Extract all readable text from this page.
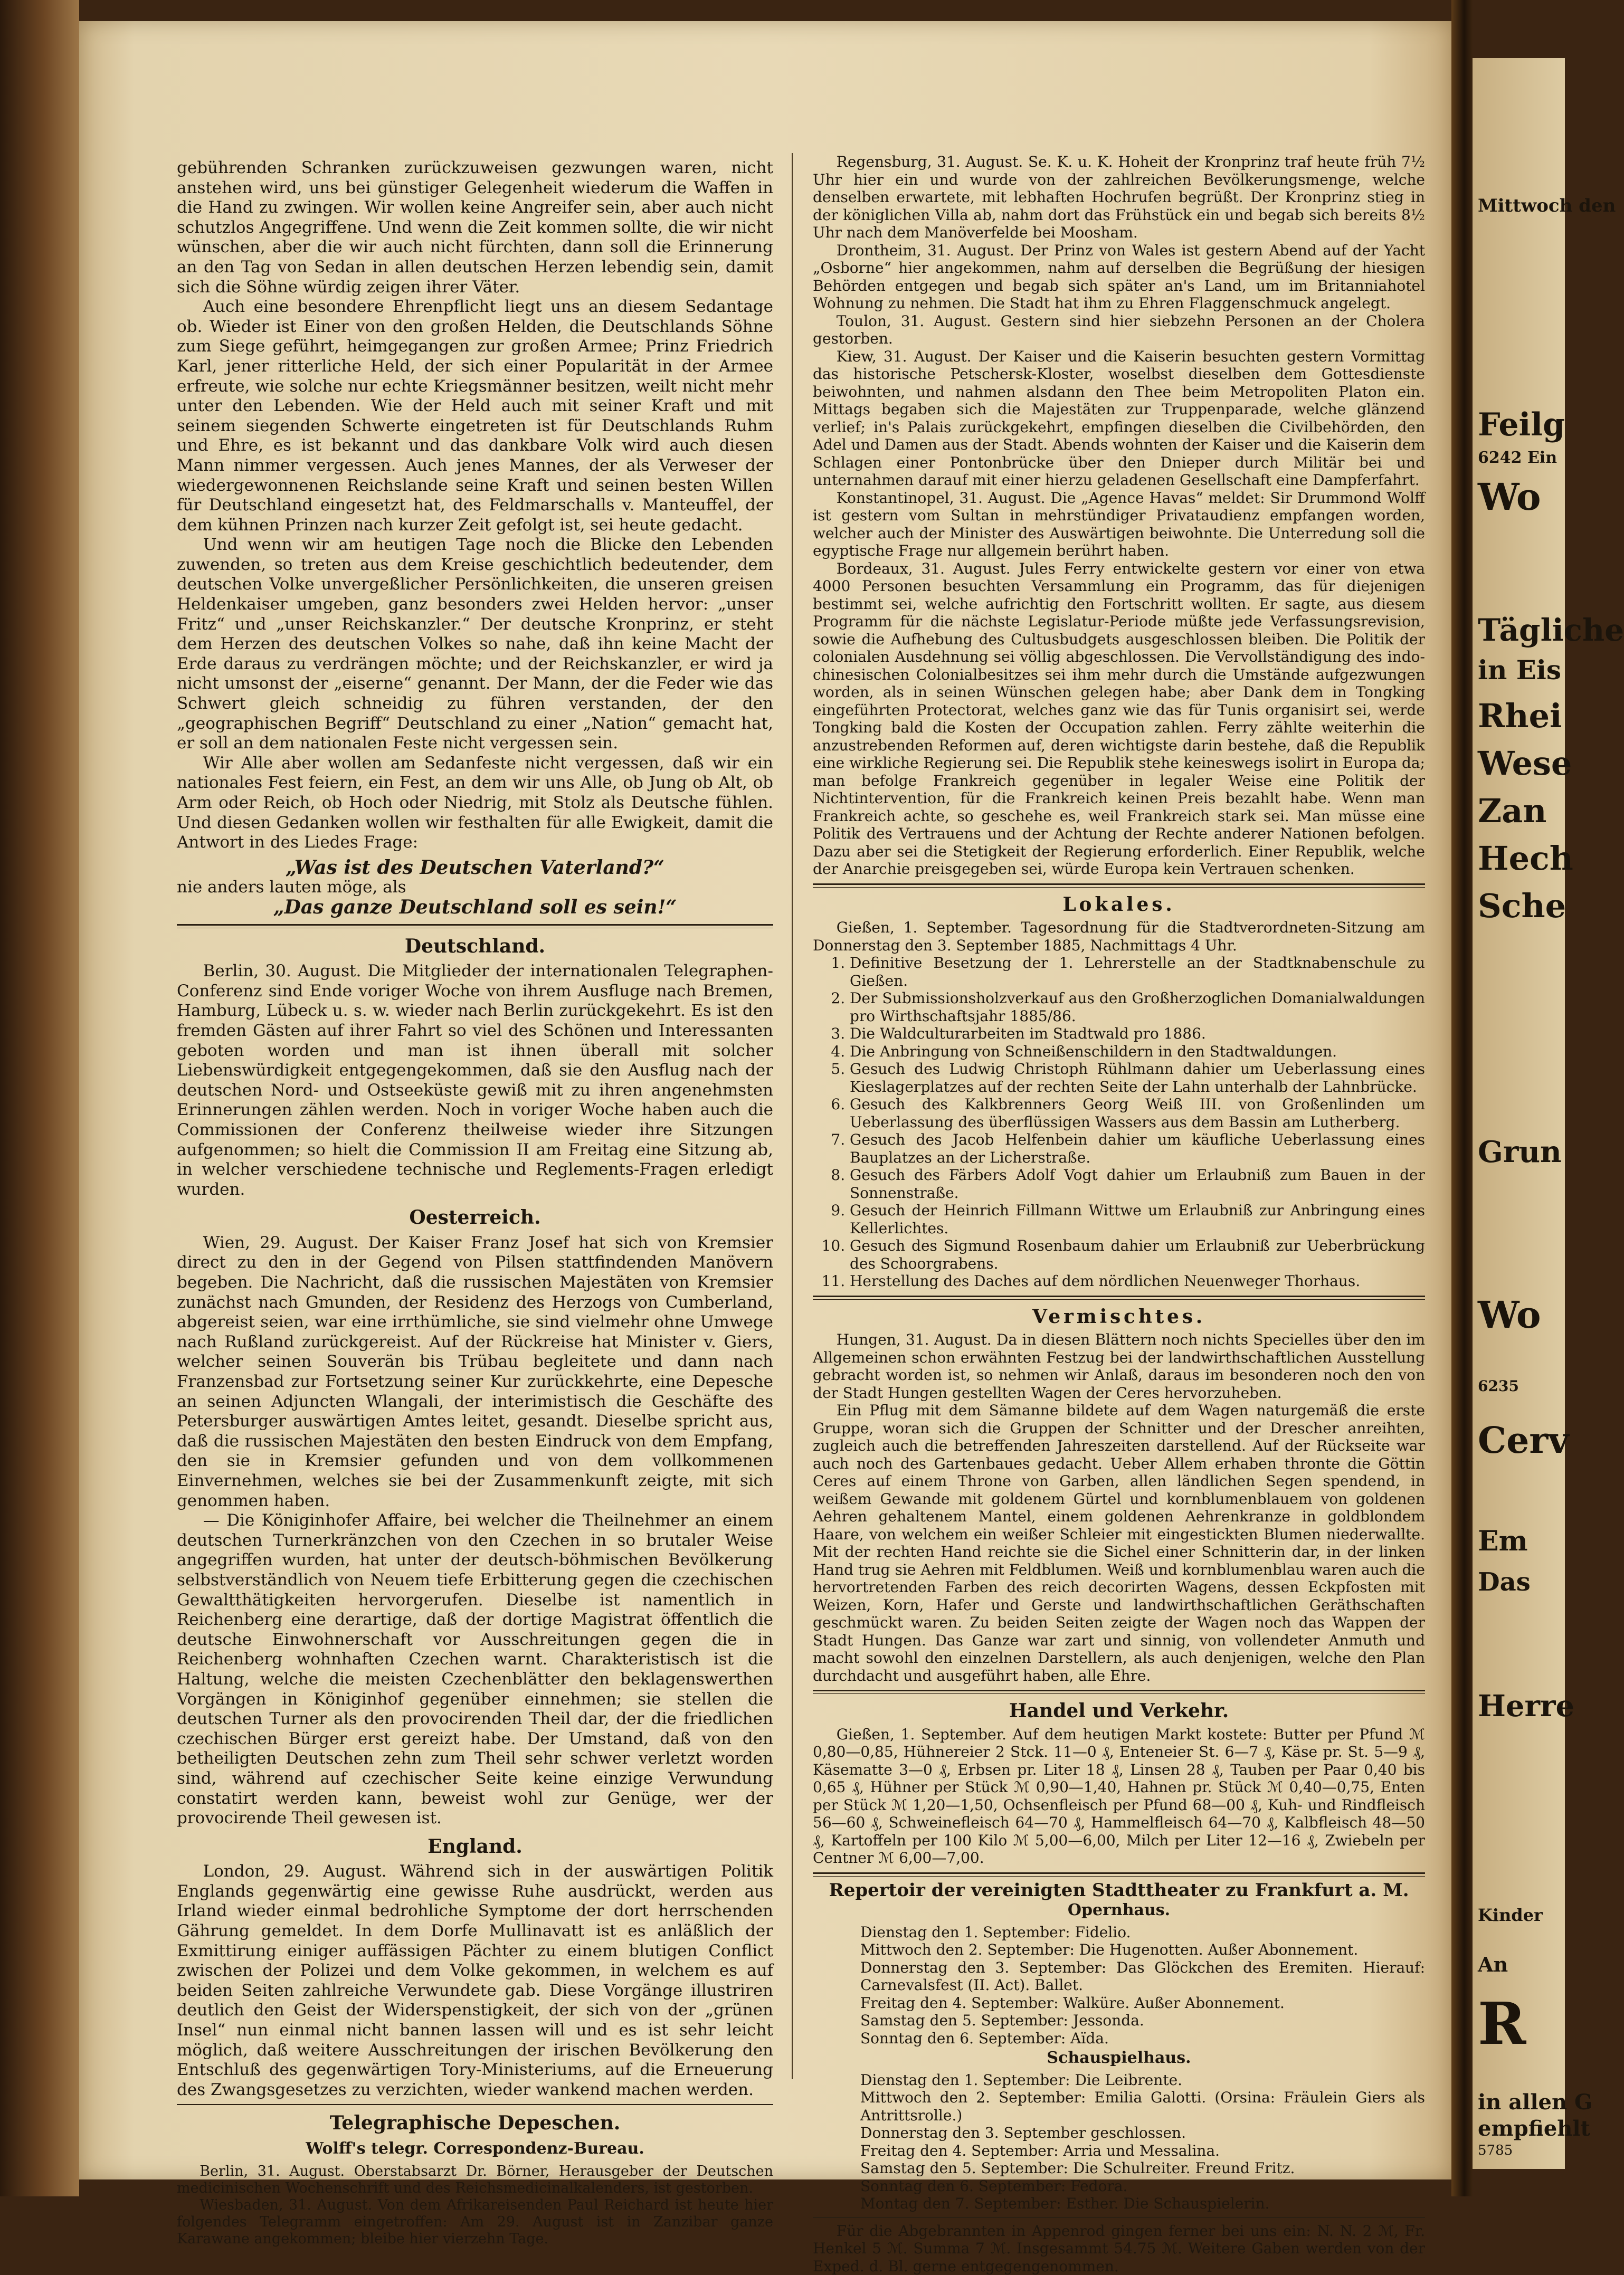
gebührenden Schranken zurückzuweisen gezwungen waren, nicht anstehen wird, uns bei günstiger Gelegenheit wiederum die Waffen in die Hand zu zwingen. Wir wollen keine Angreifer sein, aber auch nicht schutzlos Angegriffene. Und wenn die Zeit kommen sollte, die wir nicht wünschen, aber die wir auch nicht fürchten, dann soll die Erinnerung an den Tag von Sedan in allen deutschen Herzen lebendig sein, damit sich die Söhne würdig zeigen ihrer Väter.

Auch eine besondere Ehrenpflicht liegt uns an diesem Sedantage ob. Wieder ist Einer von den großen Helden, die Deutschlands Söhne zum Siege geführt, heimgegangen zur großen Armee; Prinz Friedrich Karl, jener ritterliche Held, der sich einer Popularität in der Armee erfreute, wie solche nur echte Kriegsmänner besitzen, weilt nicht mehr unter den Lebenden. Wie der Held auch mit seiner Kraft und mit seinem siegenden Schwerte eingetreten ist für Deutschlands Ruhm und Ehre, es ist bekannt und das dankbare Volk wird auch diesen Mann nimmer vergessen. Auch jenes Mannes, der als Verweser der wiedergewonnenen Reichslande seine Kraft und seinen besten Willen für Deutschland eingesetzt hat, des Feldmarschalls v. Manteuffel, der dem kühnen Prinzen nach kurzer Zeit gefolgt ist, sei heute gedacht.

Und wenn wir am heutigen Tage noch die Blicke den Lebenden zuwenden, so treten aus dem Kreise geschichtlich bedeutender, dem deutschen Volke unvergeßlicher Persönlichkeiten, die unseren greisen Heldenkaiser umgeben, ganz besonders zwei Helden hervor: „unser Fritz“ und „unser Reichskanzler.“ Der deutsche Kronprinz, er steht dem Herzen des deutschen Volkes so nahe, daß ihn keine Macht der Erde daraus zu verdrängen möchte; und der Reichskanzler, er wird ja nicht umsonst der „eiserne“ genannt. Der Mann, der die Feder wie das Schwert gleich schneidig zu führen verstanden, der den „geographischen Begriff“ Deutschland zu einer „Nation“ gemacht hat, er soll an dem nationalen Feste nicht vergessen sein.

Wir Alle aber wollen am Sedanfeste nicht vergessen, daß wir ein nationales Fest feiern, ein Fest, an dem wir uns Alle, ob Jung ob Alt, ob Arm oder Reich, ob Hoch oder Niedrig, mit Stolz als Deutsche fühlen. Und diesen Gedanken wollen wir festhalten für alle Ewigkeit, damit die Antwort in des Liedes Frage:

„Was ist des Deutschen Vaterland?“

nie anders lauten möge, als

„Das ganze Deutschland soll es sein!“

Deutschland.

Berlin, 30. August. Die Mitglieder der internationalen Telegraphen-Conferenz sind Ende voriger Woche von ihrem Ausfluge nach Bremen, Hamburg, Lübeck u. s. w. wieder nach Berlin zurückgekehrt. Es ist den fremden Gästen auf ihrer Fahrt so viel des Schönen und Interessanten geboten worden und man ist ihnen überall mit solcher Liebenswürdigkeit entgegengekommen, daß sie den Ausflug nach der deutschen Nord- und Ostseeküste gewiß mit zu ihren angenehmsten Erinnerungen zählen werden. Noch in voriger Woche haben auch die Commissionen der Conferenz theilweise wieder ihre Sitzungen aufgenommen; so hielt die Commission II am Freitag eine Sitzung ab, in welcher verschiedene technische und Reglements-Fragen erledigt wurden.

Oesterreich.

Wien, 29. August. Der Kaiser Franz Josef hat sich von Kremsier direct zu den in der Gegend von Pilsen stattfindenden Manövern begeben. Die Nachricht, daß die russischen Majestäten von Kremsier zunächst nach Gmunden, der Residenz des Herzogs von Cumberland, abgereist seien, war eine irrthümliche, sie sind vielmehr ohne Umwege nach Rußland zurückgereist. Auf der Rückreise hat Minister v. Giers, welcher seinen Souverän bis Trübau begleitete und dann nach Franzensbad zur Fortsetzung seiner Kur zurückkehrte, eine Depesche an seinen Adjuncten Wlangali, der interimistisch die Geschäfte des Petersburger auswärtigen Amtes leitet, gesandt. Dieselbe spricht aus, daß die russischen Majestäten den besten Eindruck von dem Empfang, den sie in Kremsier gefunden und von dem vollkommenen Einvernehmen, welches sie bei der Zusammenkunft zeigte, mit sich genommen haben.

— Die Königinhofer Affaire, bei welcher die Theilnehmer an einem deutschen Turnerkränzchen von den Czechen in so brutaler Weise angegriffen wurden, hat unter der deutsch-böhmischen Bevölkerung selbstverständlich von Neuem tiefe Erbitterung gegen die czechischen Gewaltthätigkeiten hervorgerufen. Dieselbe ist namentlich in Reichenberg eine derartige, daß der dortige Magistrat öffentlich die deutsche Einwohnerschaft vor Ausschreitungen gegen die in Reichenberg wohnhaften Czechen warnt. Charakteristisch ist die Haltung, welche die meisten Czechenblätter den beklagenswerthen Vorgängen in Königinhof gegenüber einnehmen; sie stellen die deutschen Turner als den provocirenden Theil dar, der die friedlichen czechischen Bürger erst gereizt habe. Der Umstand, daß von den betheiligten Deutschen zehn zum Theil sehr schwer verletzt worden sind, während auf czechischer Seite keine einzige Verwundung constatirt werden kann, beweist wohl zur Genüge, wer der provocirende Theil gewesen ist.

England.

London, 29. August. Während sich in der auswärtigen Politik Englands gegenwärtig eine gewisse Ruhe ausdrückt, werden aus Irland wieder einmal bedrohliche Symptome der dort herrschenden Gährung gemeldet. In dem Dorfe Mullinavatt ist es anläßlich der Exmittirung einiger auffässigen Pächter zu einem blutigen Conflict zwischen der Polizei und dem Volke gekommen, in welchem es auf beiden Seiten zahlreiche Verwundete gab. Diese Vorgänge illustriren deutlich den Geist der Widerspenstigkeit, der sich von der „grünen Insel“ nun einmal nicht bannen lassen will und es ist sehr leicht möglich, daß weitere Ausschreitungen der irischen Bevölkerung den Entschluß des gegenwärtigen Tory-Ministeriums, auf die Erneuerung des Zwangsgesetzes zu verzichten, wieder wankend machen werden.

Telegraphische Depeschen.
Wolff's telegr. Correspondenz-Bureau.

Berlin, 31. August. Oberstabsarzt Dr. Börner, Herausgeber der Deutschen medicinischen Wochenschrift und des Reichsmedicinalkalenders, ist gestorben.

Wiesbaden, 31. August. Von dem Afrikareisenden Paul Reichard ist heute hier folgendes Telegramm eingetroffen: Am 29. August ist in Zanzibar ganze Karawane angekommen; bleibe hier vierzehn Tage.

Regensburg, 31. August. Se. K. u. K. Hoheit der Kronprinz traf heute früh 7½ Uhr hier ein und wurde von der zahlreichen Bevölkerungsmenge, welche denselben erwartete, mit lebhaften Hochrufen begrüßt. Der Kronprinz stieg in der königlichen Villa ab, nahm dort das Frühstück ein und begab sich bereits 8½ Uhr nach dem Manöverfelde bei Moosham.

Drontheim, 31. August. Der Prinz von Wales ist gestern Abend auf der Yacht „Osborne“ hier angekommen, nahm auf derselben die Begrüßung der hiesigen Behörden entgegen und begab sich später an's Land, um im Britanniahotel Wohnung zu nehmen. Die Stadt hat ihm zu Ehren Flaggenschmuck angelegt.

Toulon, 31. August. Gestern sind hier siebzehn Personen an der Cholera gestorben.

Kiew, 31. August. Der Kaiser und die Kaiserin besuchten gestern Vormittag das historische Petschersk-Kloster, woselbst dieselben dem Gottesdienste beiwohnten, und nahmen alsdann den Thee beim Metropoliten Platon ein. Mittags begaben sich die Majestäten zur Truppenparade, welche glänzend verlief; in's Palais zurückgekehrt, empfingen dieselben die Civilbehörden, den Adel und Damen aus der Stadt. Abends wohnten der Kaiser und die Kaiserin dem Schlagen einer Pontonbrücke über den Dnieper durch Militär bei und unternahmen darauf mit einer hierzu geladenen Gesellschaft eine Dampferfahrt.

Konstantinopel, 31. August. Die „Agence Havas“ meldet: Sir Drummond Wolff ist gestern vom Sultan in mehrstündiger Privataudienz empfangen worden, welcher auch der Minister des Auswärtigen beiwohnte. Die Unterredung soll die egyptische Frage nur allgemein berührt haben.

Bordeaux, 31. August. Jules Ferry entwickelte gestern vor einer von etwa 4000 Personen besuchten Versammlung ein Programm, das für diejenigen bestimmt sei, welche aufrichtig den Fortschritt wollten. Er sagte, aus diesem Programm für die nächste Legislatur-Periode müßte jede Verfassungsrevision, sowie die Aufhebung des Cultusbudgets ausgeschlossen bleiben. Die Politik der colonialen Ausdehnung sei völlig abgeschlossen. Die Vervollständigung des indo-chinesischen Colonialbesitzes sei ihm mehr durch die Umstände aufgezwungen worden, als in seinen Wünschen gelegen habe; aber Dank dem in Tongking eingeführten Protectorat, welches ganz wie das für Tunis organisirt sei, werde Tongking bald die Kosten der Occupation zahlen. Ferry zählte weiterhin die anzustrebenden Reformen auf, deren wichtigste darin bestehe, daß die Republik eine wirkliche Regierung sei. Die Republik stehe keineswegs isolirt in Europa da; man befolge Frankreich gegenüber in legaler Weise eine Politik der Nichtintervention, für die Frankreich keinen Preis bezahlt habe. Wenn man Frankreich achte, so geschehe es, weil Frankreich stark sei. Man müsse eine Politik des Vertrauens und der Achtung der Rechte anderer Nationen befolgen. Dazu aber sei die Stetigkeit der Regierung erforderlich. Einer Republik, welche der Anarchie preisgegeben sei, würde Europa kein Vertrauen schenken.

Lokales.

Gießen, 1. September. Tagesordnung für die Stadtverordneten-Sitzung am Donnerstag den 3. September 1885, Nachmittags 4 Uhr.

1. Definitive Besetzung der 1. Lehrerstelle an der Stadtknabenschule zu Gießen.
2. Der Submissionsholzverkauf aus den Großherzoglichen Domanialwaldungen pro Wirthschaftsjahr 1885/86.
3. Die Waldculturarbeiten im Stadtwald pro 1886.
4. Die Anbringung von Schneißenschildern in den Stadtwaldungen.
5. Gesuch des Ludwig Christoph Rühlmann dahier um Ueberlassung eines Kieslagerplatzes auf der rechten Seite der Lahn unterhalb der Lahnbrücke.
6. Gesuch des Kalkbrenners Georg Weiß III. von Großenlinden um Ueberlassung des überflüssigen Wassers aus dem Bassin am Lutherberg.
7. Gesuch des Jacob Helfenbein dahier um käufliche Ueberlassung eines Bauplatzes an der Licherstraße.
8. Gesuch des Färbers Adolf Vogt dahier um Erlaubniß zum Bauen in der Sonnenstraße.
9. Gesuch der Heinrich Fillmann Wittwe um Erlaubniß zur Anbringung eines Kellerlichtes.
10. Gesuch des Sigmund Rosenbaum dahier um Erlaubniß zur Ueberbrückung des Schoorgrabens.
11. Herstellung des Daches auf dem nördlichen Neuenweger Thorhaus.
Vermischtes.

Hungen, 31. August. Da in diesen Blättern noch nichts Specielles über den im Allgemeinen schon erwähnten Festzug bei der landwirthschaftlichen Ausstellung gebracht worden ist, so nehmen wir Anlaß, daraus im besonderen noch den von der Stadt Hungen gestellten Wagen der Ceres hervorzuheben.

Ein Pflug mit dem Sämanne bildete auf dem Wagen naturgemäß die erste Gruppe, woran sich die Gruppen der Schnitter und der Drescher anreihten, zugleich auch die betreffenden Jahreszeiten darstellend. Auf der Rückseite war auch noch des Gartenbaues gedacht. Ueber Allem erhaben thronte die Göttin Ceres auf einem Throne von Garben, allen ländlichen Segen spendend, in weißem Gewande mit goldenem Gürtel und kornblumenblauem von goldenen Aehren gehaltenem Mantel, einem goldenen Aehrenkranze in goldblondem Haare, von welchem ein weißer Schleier mit eingestickten Blumen niederwallte. Mit der rechten Hand reichte sie die Sichel einer Schnitterin dar, in der linken Hand trug sie Aehren mit Feldblumen. Weiß und kornblumenblau waren auch die hervortretenden Farben des reich decorirten Wagens, dessen Eckpfosten mit Weizen, Korn, Hafer und Gerste und landwirthschaftlichen Geräthschaften geschmückt waren. Zu beiden Seiten zeigte der Wagen noch das Wappen der Stadt Hungen. Das Ganze war zart und sinnig, von vollendeter Anmuth und macht sowohl den einzelnen Darstellern, als auch denjenigen, welche den Plan durchdacht und ausgeführt haben, alle Ehre.

Handel und Verkehr.

Gießen, 1. September. Auf dem heutigen Markt kostete: Butter per Pfund ℳ 0,80—0,85, Hühnereier 2 Stck. 11—0 ₰, Enteneier St. 6—7 ₰, Käse pr. St. 5—9 ₰, Käsematte 3—0 ₰, Erbsen pr. Liter 18 ₰, Linsen 28 ₰, Tauben per Paar 0,40 bis 0,65 ₰, Hühner per Stück ℳ 0,90—1,40, Hahnen pr. Stück ℳ 0,40—0,75, Enten per Stück ℳ 1,20—1,50, Ochsenfleisch per Pfund 68—00 ₰, Kuh- und Rindfleisch 56—60 ₰, Schweinefleisch 64—70 ₰, Hammelfleisch 64—70 ₰, Kalbfleisch 48—50 ₰, Kartoffeln per 100 Kilo ℳ 5,00—6,00, Milch per Liter 12—16 ₰, Zwiebeln per Centner ℳ 6,00—7,00.

Repertoir der vereinigten Stadttheater zu Frankfurt a. M.
Opernhaus.

Dienstag den 1. September: Fidelio.

Mittwoch den 2. September: Die Hugenotten. Außer Abonnement.

Donnerstag den 3. September: Das Glöckchen des Eremiten. Hierauf: Carnevalsfest (II. Act). Ballet.

Freitag den 4. September: Walküre. Außer Abonnement.

Samstag den 5. September: Jessonda.

Sonntag den 6. September: Aïda.

Schauspielhaus.

Dienstag den 1. September: Die Leibrente.

Mittwoch den 2. September: Emilia Galotti. (Orsina: Fräulein Giers als Antrittsrolle.)

Donnerstag den 3. September geschlossen.

Freitag den 4. September: Arria und Messalina.

Samstag den 5. September: Die Schulreiter. Freund Fritz.

Sonntag den 6. September: Fedora.

Montag den 7. September: Esther. Die Schauspielerin.

Für die Abgebrannten in Appenrod gingen ferner bei uns ein: N. N. 2 ℳ, Fr. Henkel 5 ℳ. Summa 7 ℳ. Insgesammt 54.75 ℳ. Weitere Gaben werden von der Exped. d. Bl. gerne entgegengenommen.

Mittwoch den
Feilg
6242 Ein
Wo
Tägliche
in Eis
Rhei
Wese
Zan
Hech
Sche
Grun
Wo
6235
Cerv
Em
Das
Herre
Kinder
An
R
in allen G
empfiehlt
5785
